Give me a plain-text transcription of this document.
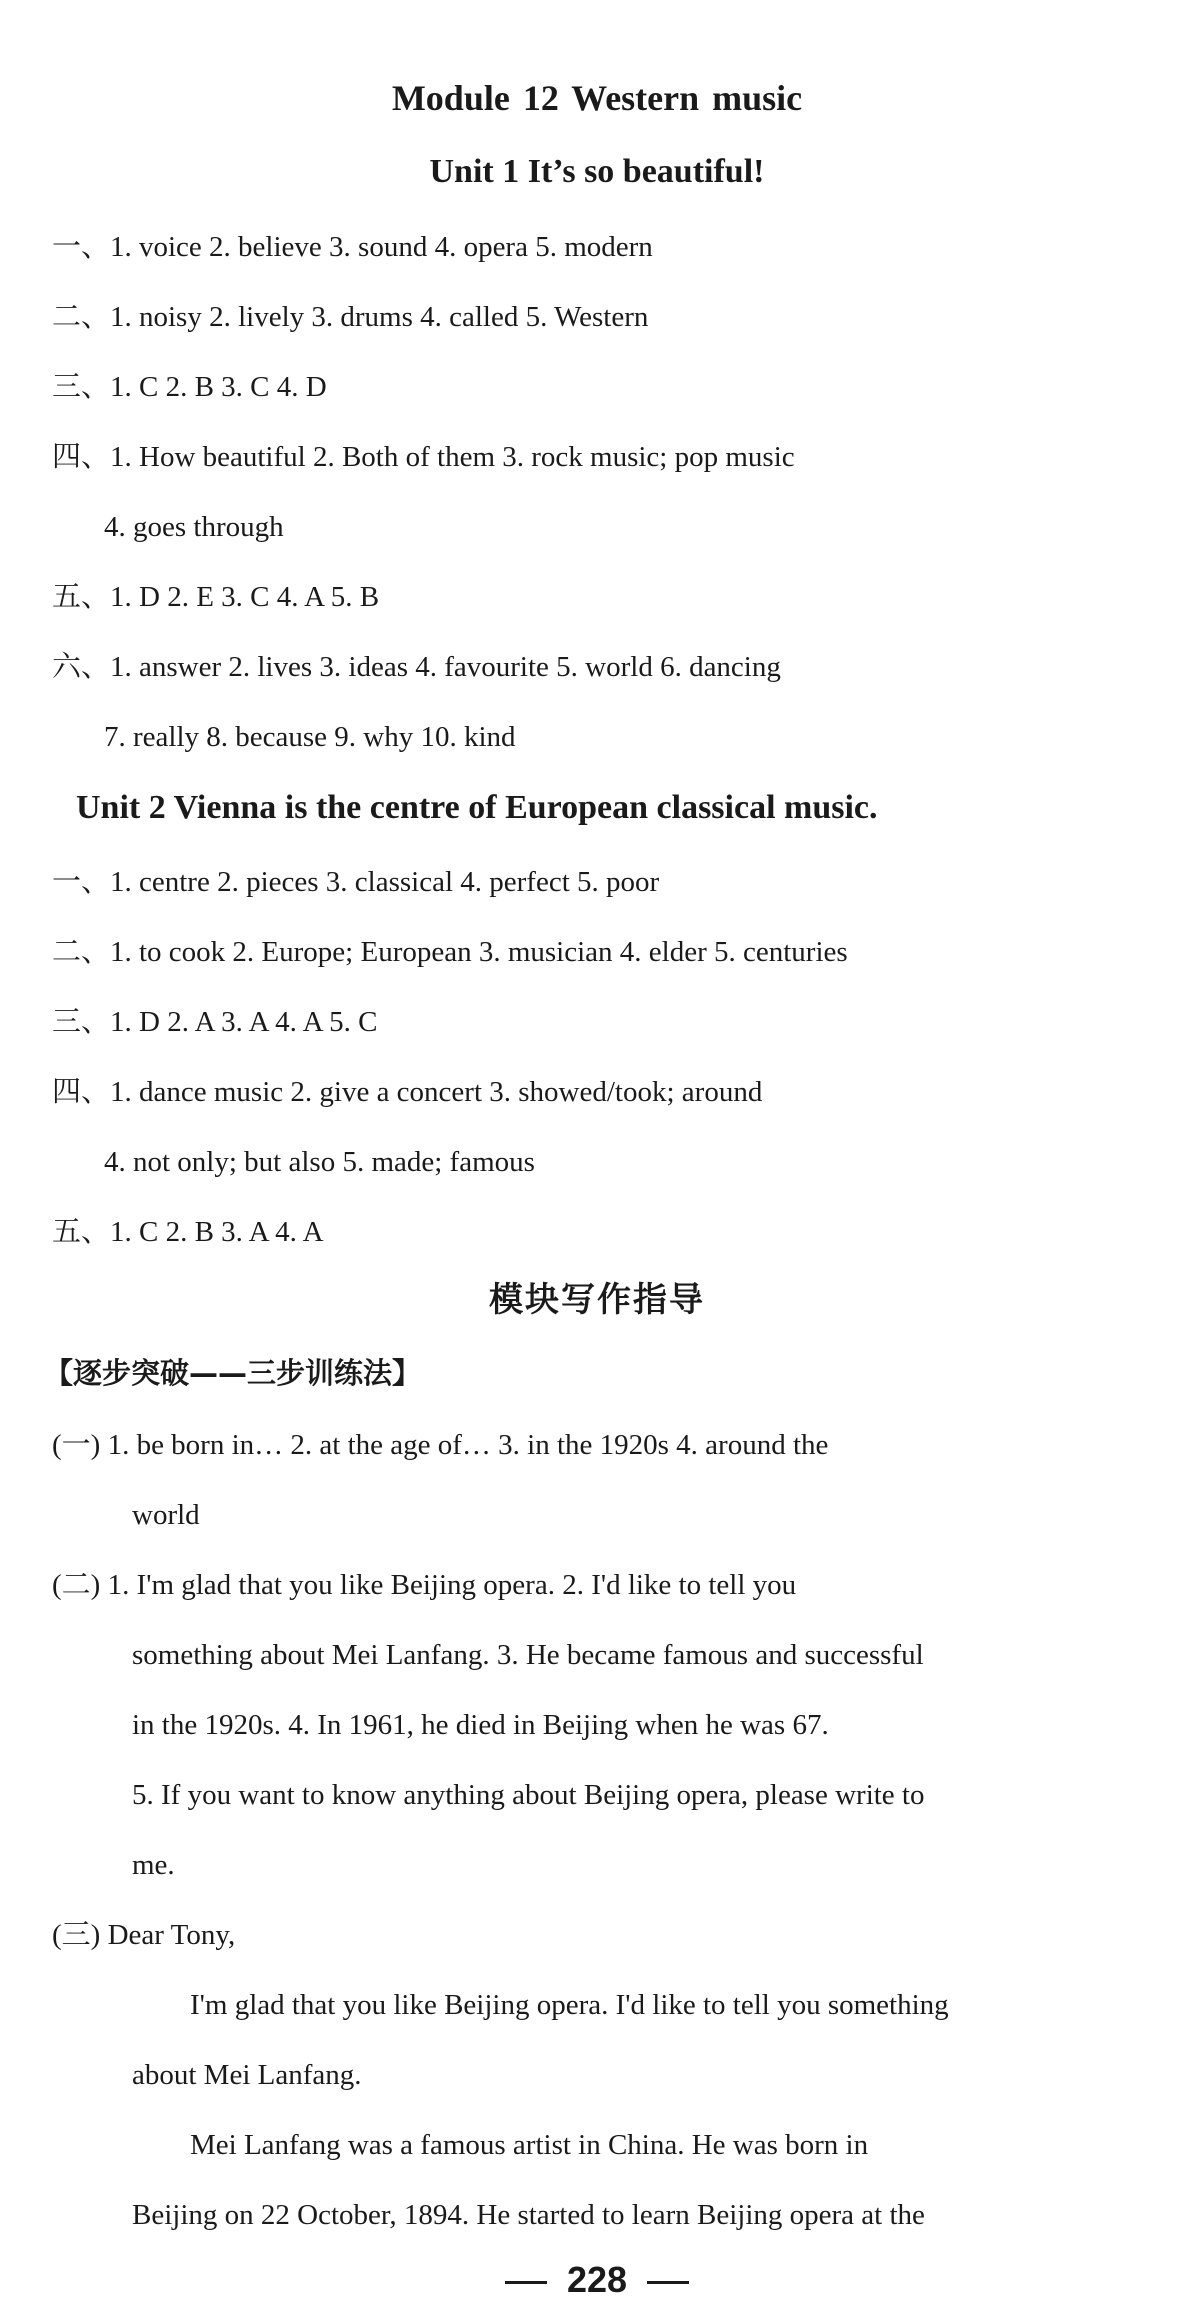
Module 12 Western music
Unit 1 It’s so beautiful!
一、1. voice 2. believe 3. sound 4. opera 5. modern
二、1. noisy 2. lively 3. drums 4. called 5. Western
三、1. C 2. B 3. C 4. D
四、1. How beautiful 2. Both of them 3. rock music; pop music
4. goes through
五、1. D 2. E 3. C 4. A 5. B
六、1. answer 2. lives 3. ideas 4. favourite 5. world 6. dancing
7. really 8. because 9. why 10. kind
Unit 2 Vienna is the centre of European classical music.
一、1. centre 2. pieces 3. classical 4. perfect 5. poor
二、1. to cook 2. Europe; European 3. musician 4. elder 5. centuries
三、1. D 2. A 3. A 4. A 5. C
四、1. dance music 2. give a concert 3. showed/took; around
4. not only; but also 5. made; famous
五、1. C 2. B 3. A 4. A
模块写作指导
【逐步突破——三步训练法】
(一) 1. be born in… 2. at the age of… 3. in the 1920s 4. around the
world
(二) 1. I'm glad that you like Beijing opera. 2. I'd like to tell you
something about Mei Lanfang. 3. He became famous and successful
in the 1920s. 4. In 1961, he died in Beijing when he was 67.
5. If you want to know anything about Beijing opera, please write to
me.
(三) Dear Tony,
I'm glad that you like Beijing opera. I'd like to tell you something
about Mei Lanfang.
Mei Lanfang was a famous artist in China. He was born in
Beijing on 22 October, 1894. He started to learn Beijing opera at the
228
